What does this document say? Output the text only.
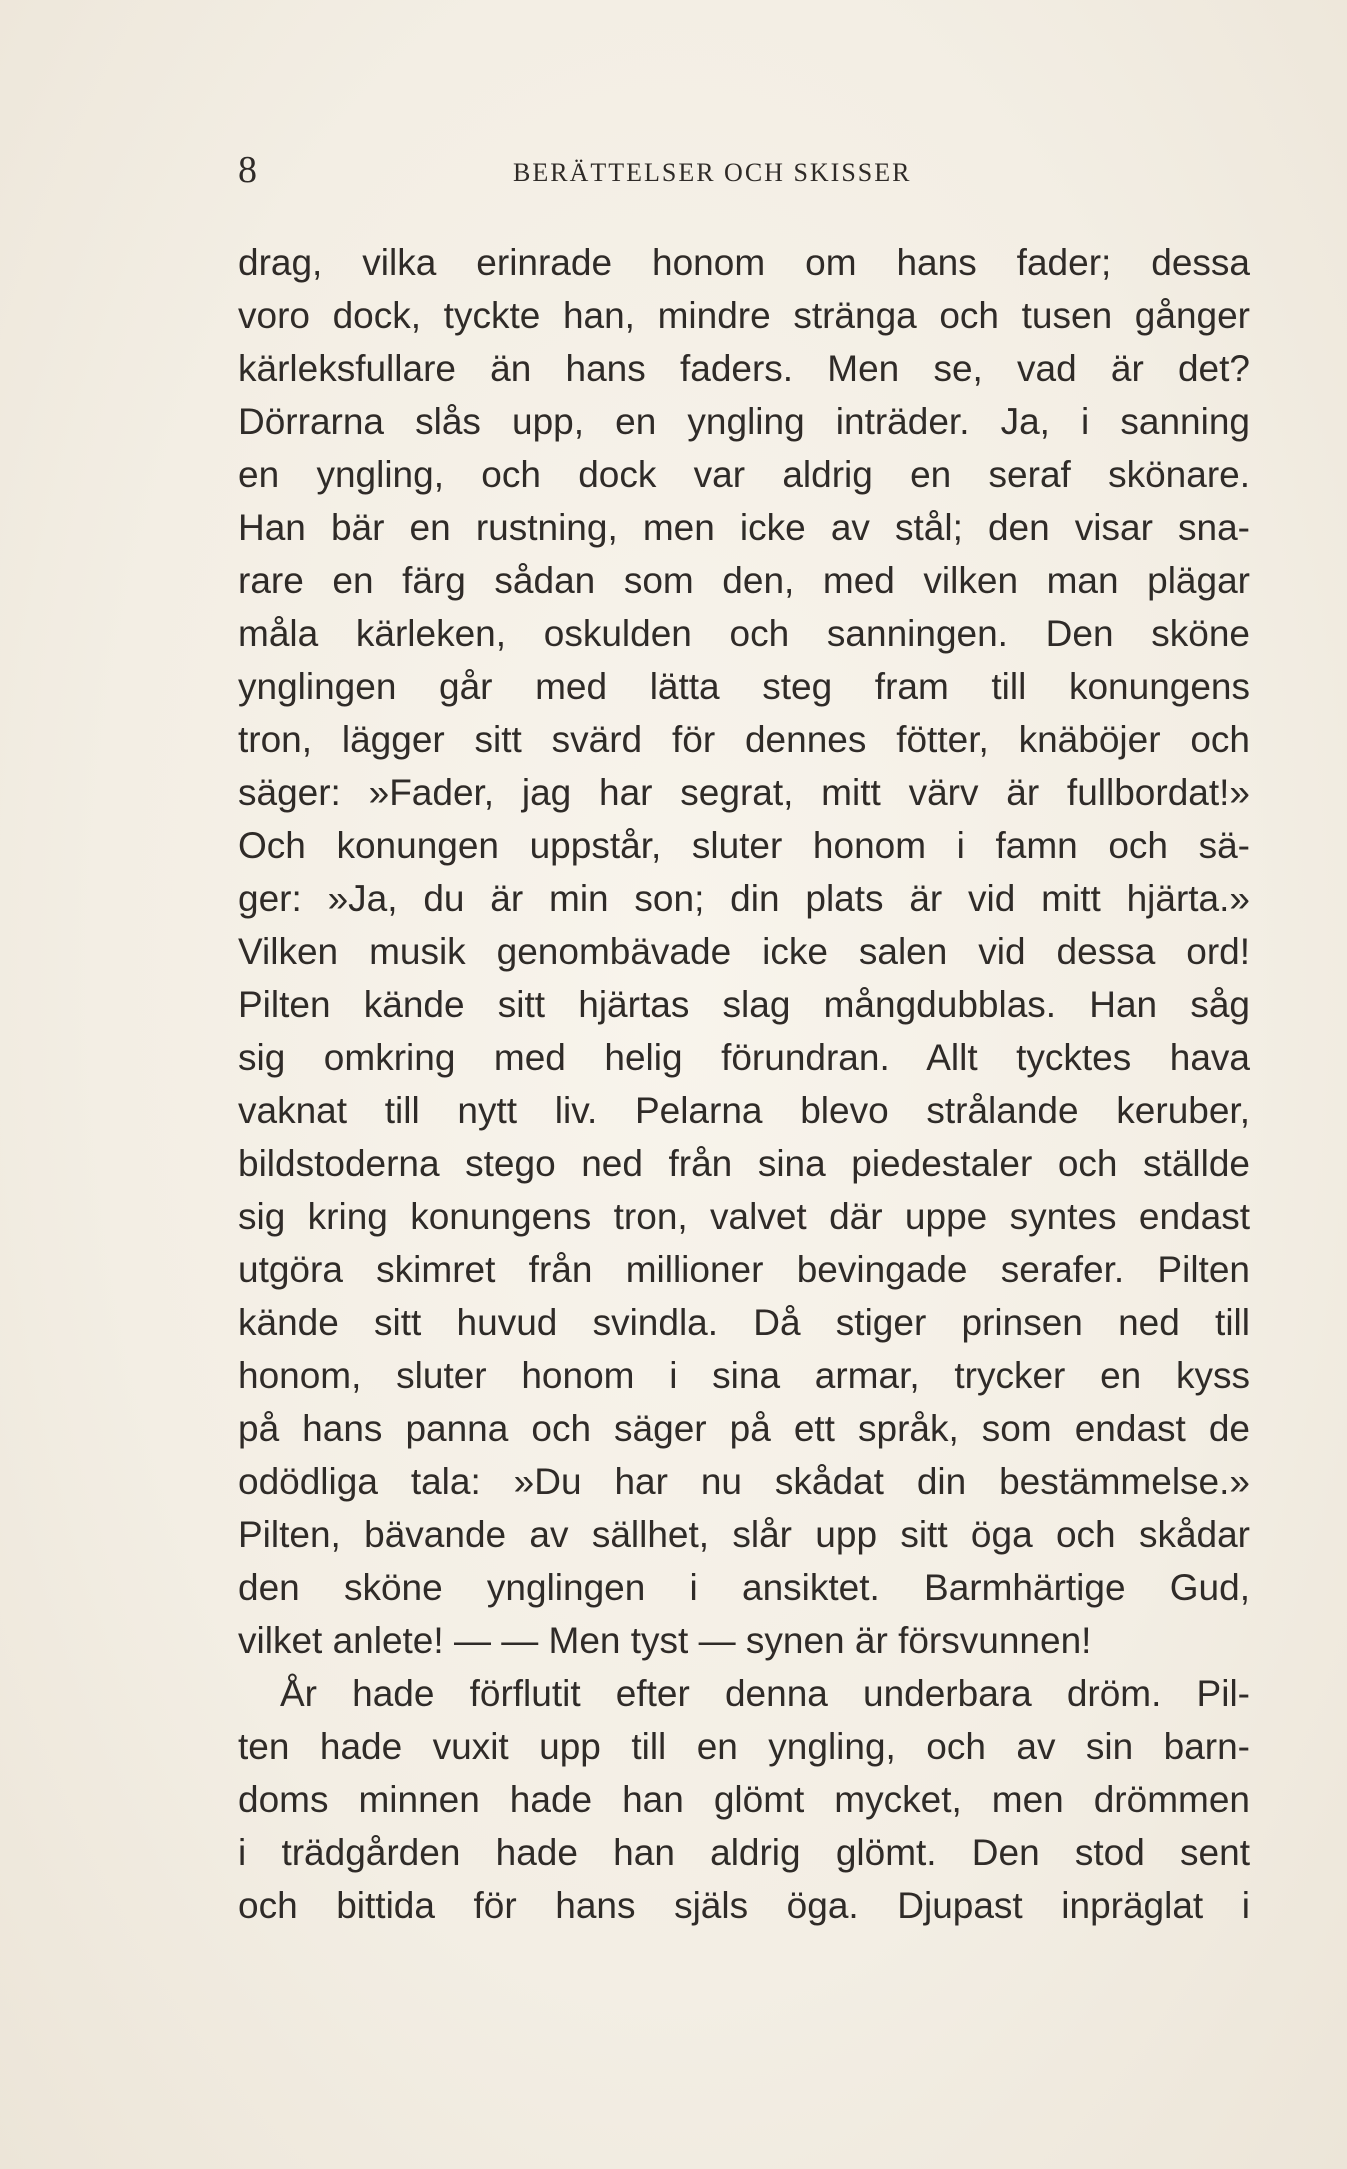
8	BERÄTTELSER OCH SKISSER
drag, vilka erinrade honom om hans fader; dessa
voro dock, tyckte han, mindre stränga och tusen gånger
kärleksfullare än hans faders. Men se, vad är det?
Dörrarna slås upp, en yngling inträder. Ja, i sanning
en yngling, och dock var aldrig en seraf skönare.
Han bär en rustning, men icke av stål; den visar sna-
rare en färg sådan som den, med vilken man plägar
måla kärleken, oskulden och sanningen. Den sköne
ynglingen går med lätta steg fram till konungens
tron, lägger sitt svärd för dennes fötter, knäböjer och
säger: »Fader, jag har segrat, mitt värv är fullbordat!»
Och konungen uppstår, sluter honom i famn och sä-
ger: »Ja, du är min son; din plats är vid mitt hjärta.»
Vilken musik genombävade icke salen vid dessa ord!
Pilten kände sitt hjärtas slag mångdubblas. Han såg
sig omkring med helig förundran. Allt tycktes hava
vaknat till nytt liv. Pelarna blevo strålande keruber,
bildstoderna stego ned från sina piedestaler och ställde
sig kring konungens tron, valvet där uppe syntes endast
utgöra skimret från millioner bevingade serafer. Pilten
kände sitt huvud svindla. Då stiger prinsen ned till
honom, sluter honom i sina armar, trycker en kyss
på hans panna och säger på ett språk, som endast de
odödliga tala: »Du har nu skådat din bestämmelse.»
Pilten, bävande av sällhet, slår upp sitt öga och skådar
den sköne ynglingen i ansiktet. Barmhärtige Gud,
vilket anlete! — — Men tyst — synen är försvunnen!
År hade förflutit efter denna underbara dröm. Pil-
ten hade vuxit upp till en yngling, och av sin barn-
doms minnen hade han glömt mycket, men drömmen
i trädgården hade han aldrig glömt. Den stod sent
och bittida för hans själs öga. Djupast inpräglat i
